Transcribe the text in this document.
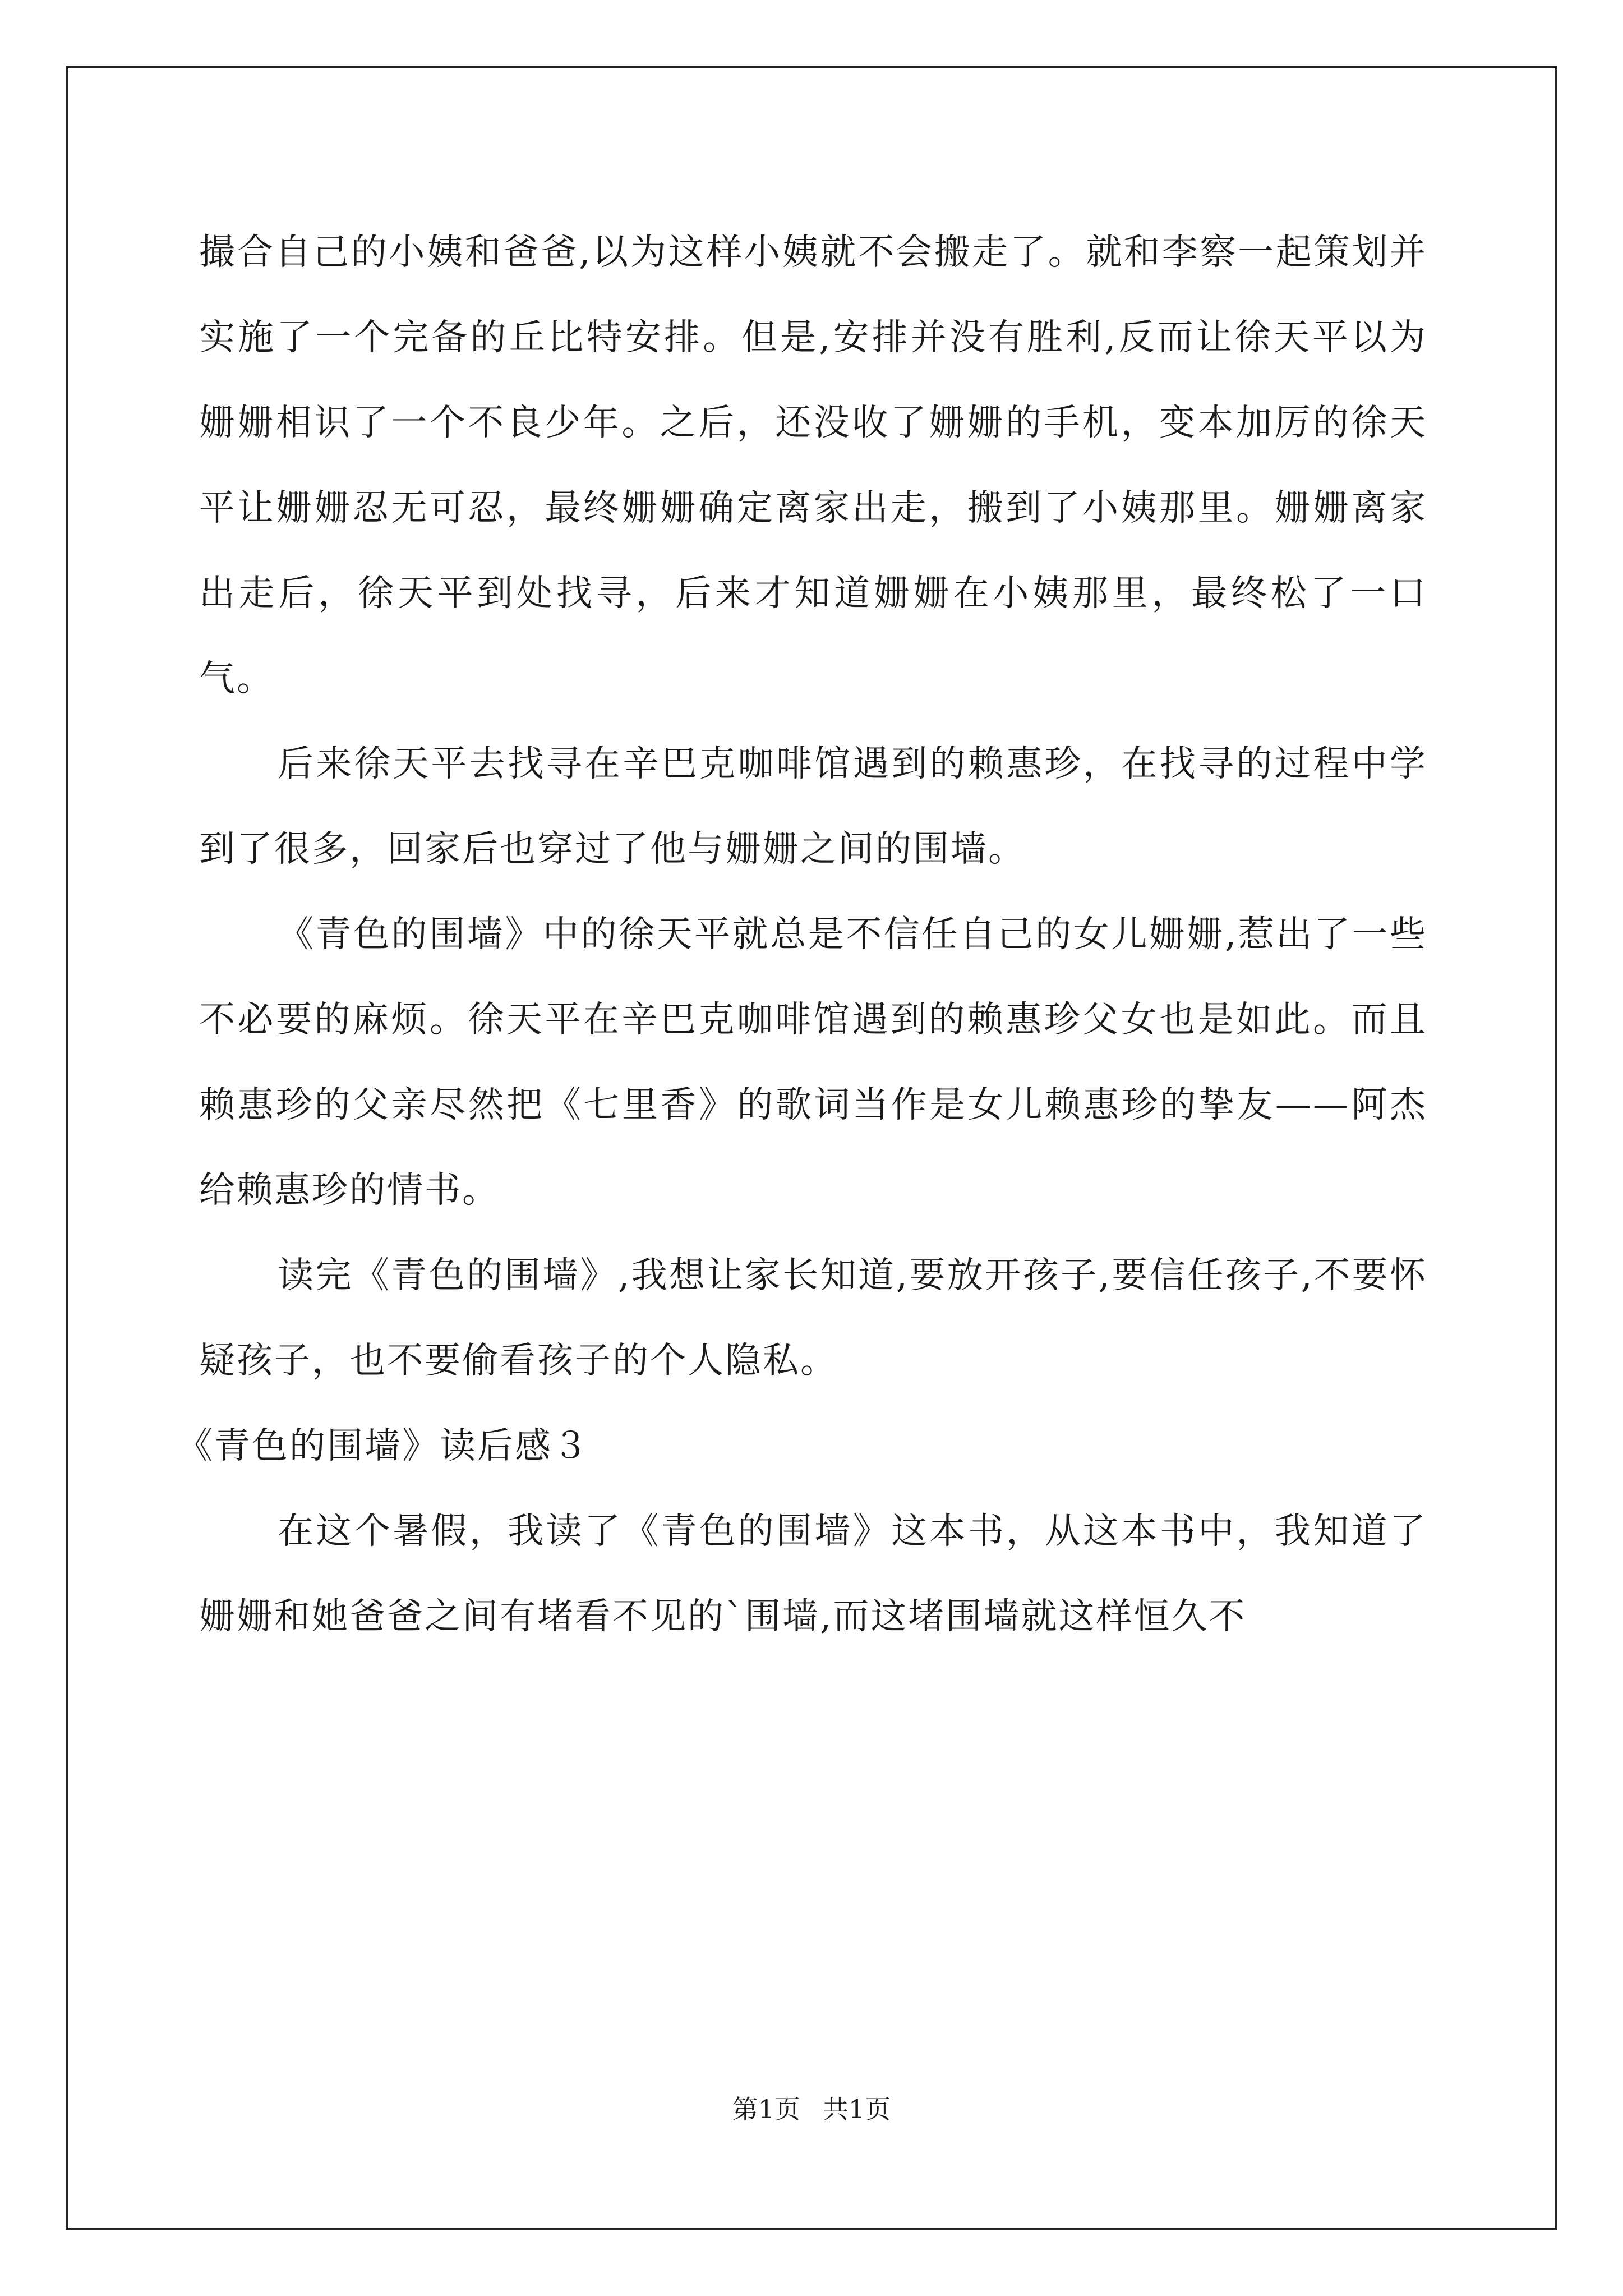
撮合自己的小姨和爸爸,以为这样小姨就不会搬走了。就和李察一起策划并实施了一个完备的丘比特安排。但是,安排并没有胜利,反而让徐天平以为姗姗相识了一个不良少年。之后，还没收了姗姗的手机，变本加厉的徐天平让姗姗忍无可忍，最终姗姗确定离家出走，搬到了小姨那里。姗姗离家出走后，徐天平到处找寻，后来才知道姗姗在小姨那里，最终松了一口气。

后来徐天平去找寻在辛巴克咖啡馆遇到的赖惠珍，在找寻的过程中学到了很多，回家后也穿过了他与姗姗之间的围墙。

《青色的围墙》中的徐天平就总是不信任自己的女儿姗姗,惹出了一些不必要的麻烦。徐天平在辛巴克咖啡馆遇到的赖惠珍父女也是如此。而且赖惠珍的父亲尽然把《七里香》的歌词当作是女儿赖惠珍的挚友——阿杰给赖惠珍的情书。

读完《青色的围墙》,我想让家长知道,要放开孩子,要信任孩子,不要怀疑孩子，也不要偷看孩子的个人隐私。

《青色的围墙》读后感３

在这个暑假，我读了《青色的围墙》这本书，从这本书中，我知道了姗姗和她爸爸之间有堵看不见的`围墙,而这堵围墙就这样恒久不

第1页 共1页
